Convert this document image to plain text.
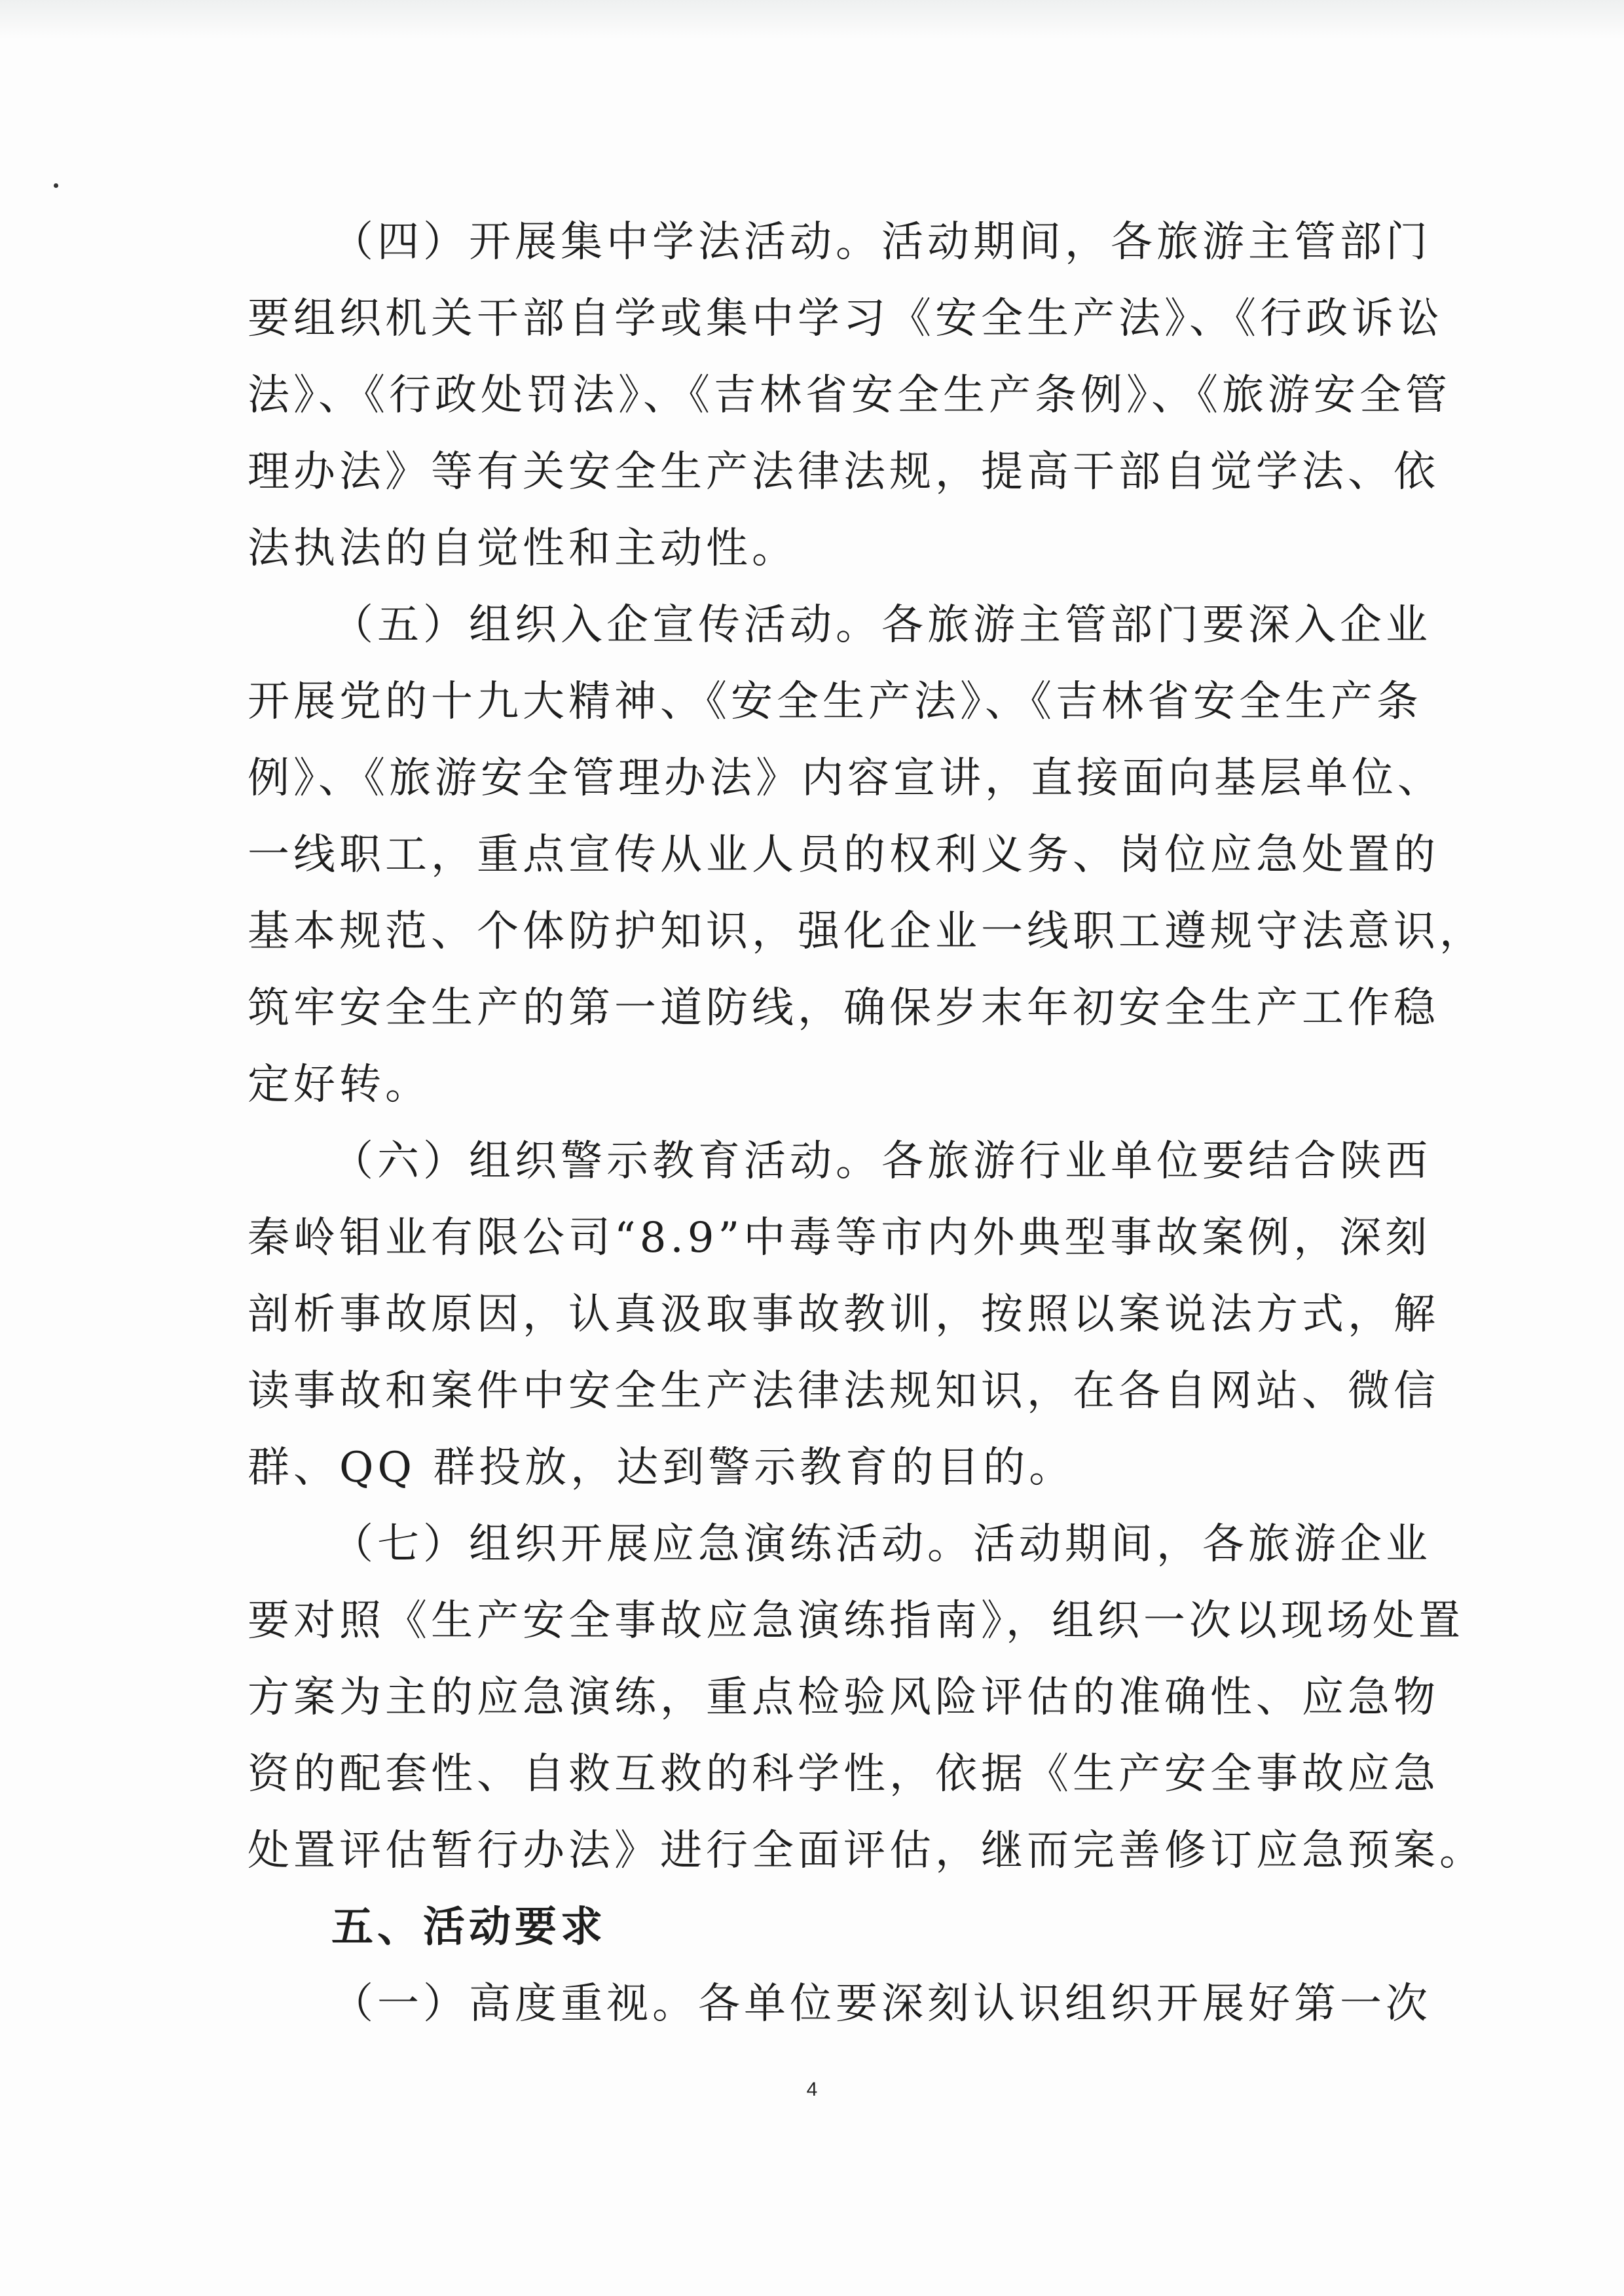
（四）开展集中学法活动。活动期间，各旅游主管部门
要组织机关干部自学或集中学习《安全生产法》、《行政诉讼
法》、《行政处罚法》、《吉林省安全生产条例》、《旅游安全管
理办法》等有关安全生产法律法规，提高干部自觉学法、依
法执法的自觉性和主动性。
（五）组织入企宣传活动。各旅游主管部门要深入企业
开展党的十九大精神、《安全生产法》、《吉林省安全生产条
例》、《旅游安全管理办法》内容宣讲，直接面向基层单位、
一线职工，重点宣传从业人员的权利义务、岗位应急处置的
基本规范、个体防护知识，强化企业一线职工遵规守法意识，
筑牢安全生产的第一道防线，确保岁末年初安全生产工作稳
定好转。
（六）组织警示教育活动。各旅游行业单位要结合陕西
秦岭钼业有限公司“8.9”中毒等市内外典型事故案例，深刻
剖析事故原因，认真汲取事故教训，按照以案说法方式，解
读事故和案件中安全生产法律法规知识，在各自网站、微信
群、QQ 群投放，达到警示教育的目的。
（七）组织开展应急演练活动。活动期间，各旅游企业
要对照《生产安全事故应急演练指南》，组织一次以现场处置
方案为主的应急演练，重点检验风险评估的准确性、应急物
资的配套性、自救互救的科学性，依据《生产安全事故应急
处置评估暂行办法》进行全面评估，继而完善修订应急预案。
五、活动要求
（一）高度重视。各单位要深刻认识组织开展好第一次
4
